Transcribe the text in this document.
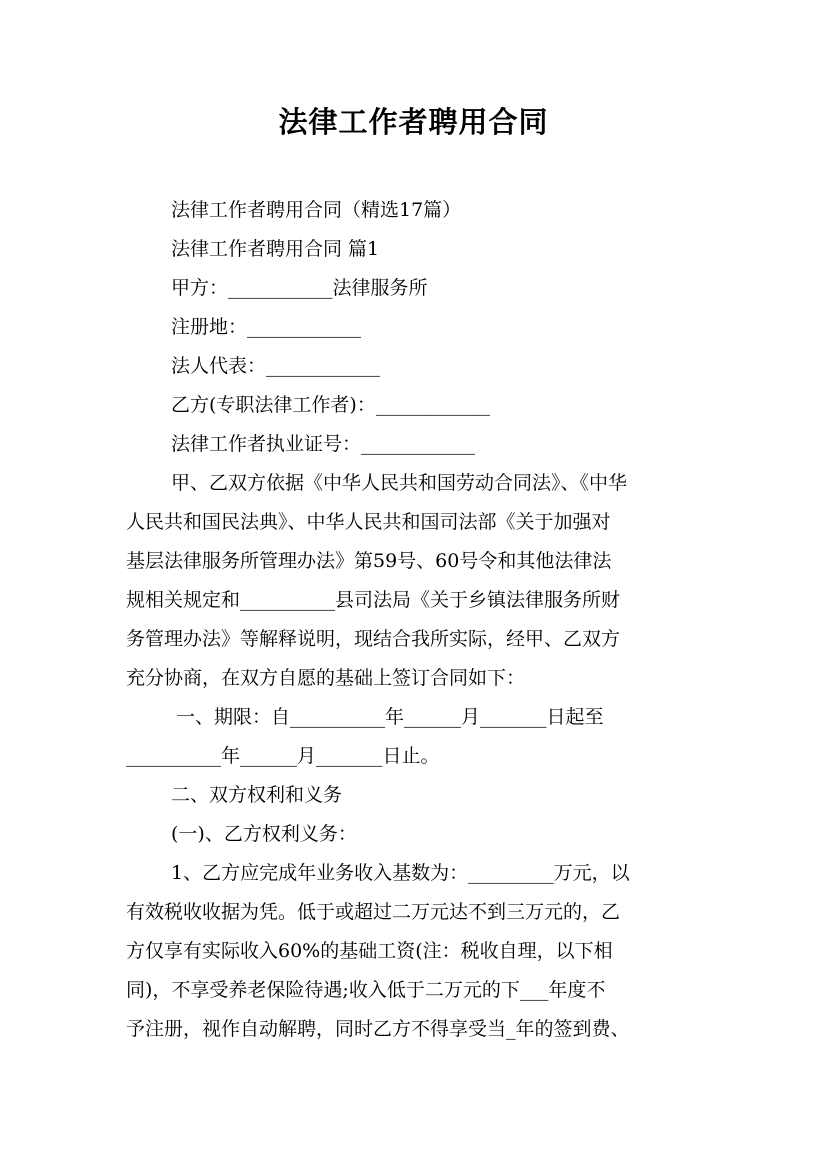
法律工作者聘用合同
法律工作者聘用合同（精选17篇）
法律工作者聘用合同 篇1
甲方：___________法律服务所
注册地：____________
法人代表：____________
乙方(专职法律工作者)：____________
法律工作者执业证号：____________
甲、乙双方依据《中华人民共和国劳动合同法》、《中华
人民共和国民法典》、中华人民共和国司法部《关于加强对
基层法律服务所管理办法》第59号、60号令和其他法律法
规相关规定和__________县司法局《关于乡镇法律服务所财
务管理办法》等解释说明，现结合我所实际，经甲、乙双方
充分协商，在双方自愿的基础上签订合同如下：
一、期限：自__________年______月_______日起至
__________年______月_______日止。
二、双方权利和义务
(一)、乙方权利义务：
1、乙方应完成年业务收入基数为：_________万元，以
有效税收收据为凭。低于或超过二万元达不到三万元的，乙
方仅享有实际收入60%的基础工资(注：税收自理，以下相
同)，不享受养老保险待遇;收入低于二万元的下___年度不
予注册，视作自动解聘，同时乙方不得享受当_年的签到费、
